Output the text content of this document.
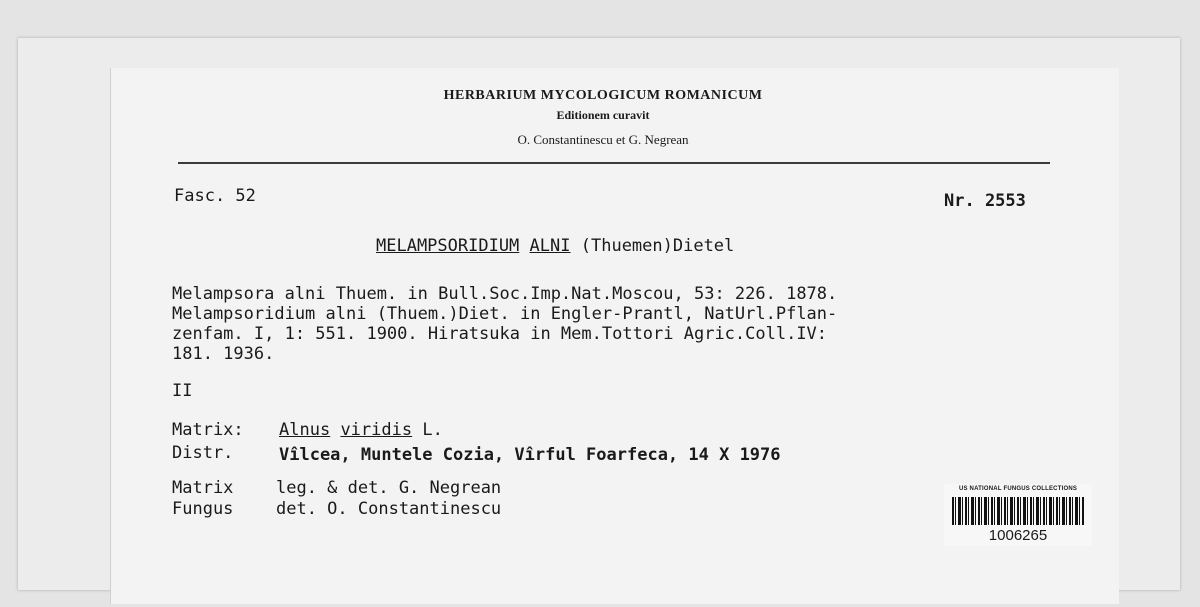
HERBARIUM MYCOLOGICUM ROMANICUM
Editionem curavit
O. Constantinescu et G. Negrean
Fasc. 52	Nr. 2553
MELAMPSORIDIUM ALNI (Thuemen)Dietel
Melampsora alni Thuem. in Bull.Soc.Imp.Nat.Moscou, 53: 226. 1878.
Melampsoridium alni (Thuem.)Diet. in Engler-Prantl, NatUrl.Pflan-
zenfam. I, 1: 551. 1900. Hiratsuka in Mem.Tottori Agric.Coll.IV:
181. 1936.
II
Matrix: Alnus viridis L.
Distr.	Vîlcea, Muntele Cozia, Vîrful Foarfeca, 14 X 1976
Matrix	leg. & det. G. Negrean
Fungus	det. O. Constantinescu
US NATIONAL FUNGUS COLLECTIONS
1006265
